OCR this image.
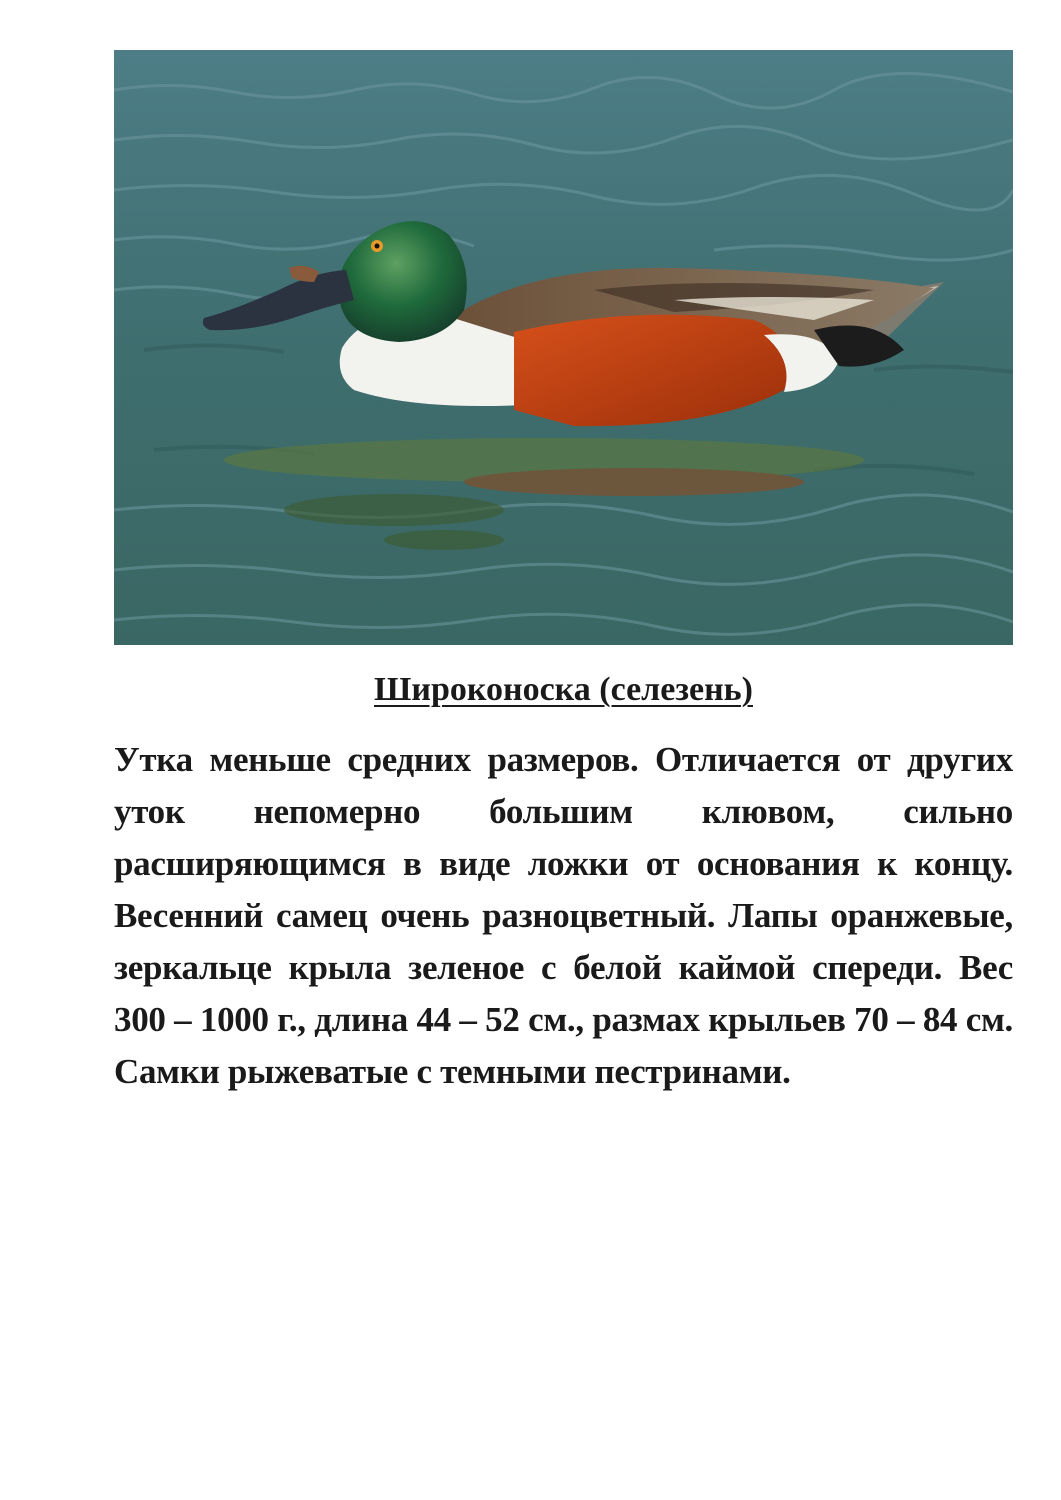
Широконоска (селезень)

Утка меньше средних размеров. Отличается от других уток непомерно большим клювом, сильно расширяющимся в виде ложки от основания к концу. Весенний самец очень разноцветный. Лапы оранжевые, зеркальце крыла зеленое с белой каймой спереди. Вес 300 – 1000 г., длина 44 – 52 см., размах крыльев 70 – 84 см. Самки рыжеватые с темными пестринами.
